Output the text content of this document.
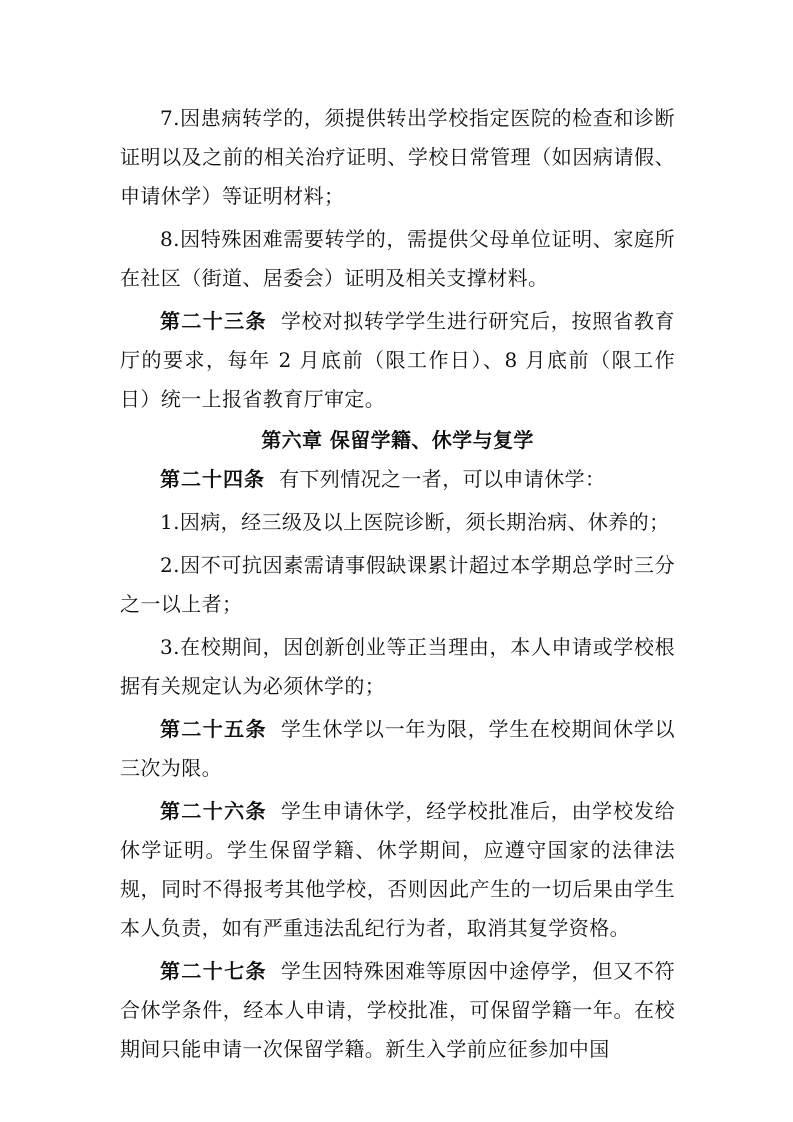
7.因患病转学的，须提供转出学校指定医院的检查和诊断证明以及之前的相关治疗证明、学校日常管理（如因病请假、申请休学）等证明材料；

8.因特殊困难需要转学的，需提供父母单位证明、家庭所在社区（街道、居委会）证明及相关支撑材料。

第二十三条 学校对拟转学学生进行研究后，按照省教育厅的要求，每年 2 月底前（限工作日）、8 月底前（限工作日）统一上报省教育厅审定。

第六章 保留学籍、休学与复学

第二十四条 有下列情况之一者，可以申请休学：

1.因病，经三级及以上医院诊断，须长期治病、休养的；

2.因不可抗因素需请事假缺课累计超过本学期总学时三分之一以上者；

3.在校期间，因创新创业等正当理由，本人申请或学校根据有关规定认为必须休学的；

第二十五条 学生休学以一年为限，学生在校期间休学以三次为限。

第二十六条 学生申请休学，经学校批准后，由学校发给休学证明。学生保留学籍、休学期间，应遵守国家的法律法规，同时不得报考其他学校，否则因此产生的一切后果由学生本人负责，如有严重违法乱纪行为者，取消其复学资格。

第二十七条 学生因特殊困难等原因中途停学，但又不符合休学条件，经本人申请，学校批准，可保留学籍一年。在校期间只能申请一次保留学籍。新生入学前应征参加中国
